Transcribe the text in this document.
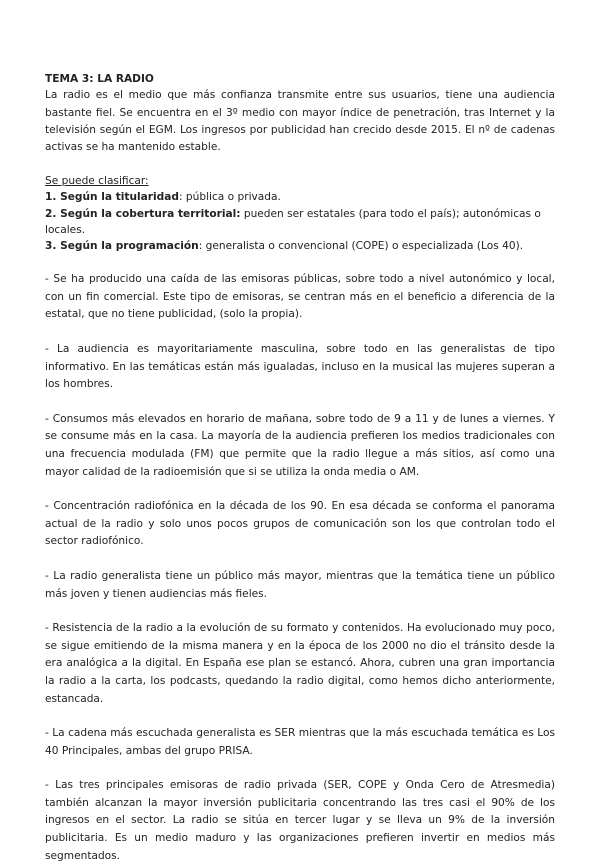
TEMA 3: LA RADIO

La radio es el medio que más confianza transmite entre sus usuarios, tiene una audiencia bastante fiel. Se encuentra en el 3º medio con mayor índice de penetración, tras Internet y la televisión según el EGM. Los ingresos por publicidad han crecido desde 2015. El nº de cadenas activas se ha mantenido estable.

Se puede clasificar:

1. Según la titularidad: pública o privada.

2. Según la cobertura territorial: pueden ser estatales (para todo el país); autonómicas o locales.

3. Según la programación: generalista o convencional (COPE) o especializada (Los 40).

- Se ha producido una caída de las emisoras públicas, sobre todo a nivel autonómico y local, con un fin comercial. Este tipo de emisoras, se centran más en el beneficio a diferencia de la estatal, que no tiene publicidad, (solo la propia).

- La audiencia es mayoritariamente masculina, sobre todo en las generalistas de tipo informativo. En las temáticas están más igualadas, incluso en la musical las mujeres superan a los hombres.

- Consumos más elevados en horario de mañana, sobre todo de 9 a 11 y de lunes a viernes. Y se consume más en la casa. La mayoría de la audiencia prefieren los medios tradicionales con una frecuencia modulada (FM) que permite que la radio llegue a más sitios, así como una mayor calidad de la radioemisión que si se utiliza la onda media o AM.

- Concentración radiofónica en la década de los 90. En esa década se conforma el panorama actual de la radio y solo unos pocos grupos de comunicación son los que controlan todo el sector radiofónico.

- La radio generalista tiene un público más mayor, mientras que la temática tiene un público más joven y tienen audiencias más fieles.

- Resistencia de la radio a la evolución de su formato y contenidos. Ha evolucionado muy poco, se sigue emitiendo de la misma manera y en la época de los 2000 no dio el tránsito desde la era analógica a la digital. En España ese plan se estancó. Ahora, cubren una gran importancia la radio a la carta, los podcasts, quedando la radio digital, como hemos dicho anteriormente, estancada.

- La cadena más escuchada generalista es SER mientras que la más escuchada temática es Los 40 Principales, ambas del grupo PRISA.

- Las tres principales emisoras de radio privada (SER, COPE y Onda Cero de Atresmedia) también alcanzan la mayor inversión publicitaria concentrando las tres casi el 90% de los ingresos en el sector. La radio se sitúa en tercer lugar y se lleva un 9% de la inversión publicitaria. Es un medio maduro y las organizaciones prefieren invertir en medios más segmentados.
